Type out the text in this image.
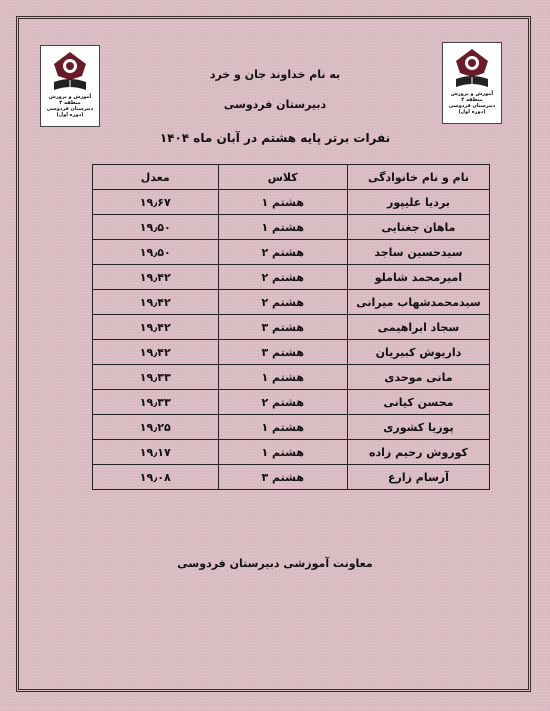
آموزش و پرورش منطقه ۴
دبیرستان فردوسی
(دوره اول)
آموزش و پرورش منطقه ۴
دبیرستان فردوسی
(دوره اول)
به نام خداوند جان و خرد
دبیرستان فردوسی
نفرات برتر پایه هشتم در آبان ماه ۱۴۰۴
نام و نام خانوادگی	کلاس	معدل
بردیا علیپور	هشتم ۱	۱۹٫۶۷
ماهان جغتایی	هشتم ۱	۱۹٫۵۰
سیدحسین ساجد	هشتم ۲	۱۹٫۵۰
امیرمحمد شاملو	هشتم ۲	۱۹٫۴۲
سیدمحمدشهاب میرانی	هشتم ۲	۱۹٫۴۲
سجاد ابراهیمی	هشتم ۳	۱۹٫۴۲
داریوش کبیریان	هشتم ۳	۱۹٫۴۲
مانی موحدی	هشتم ۱	۱۹٫۳۳
محسن کیانی	هشتم ۲	۱۹٫۳۳
پوریا کشوری	هشتم ۱	۱۹٫۲۵
کوروش رحیم زاده	هشتم ۱	۱۹٫۱۷
آرسام زارع	هشتم ۳	۱۹٫۰۸
معاونت آموزشی دبیرستان فردوسی
